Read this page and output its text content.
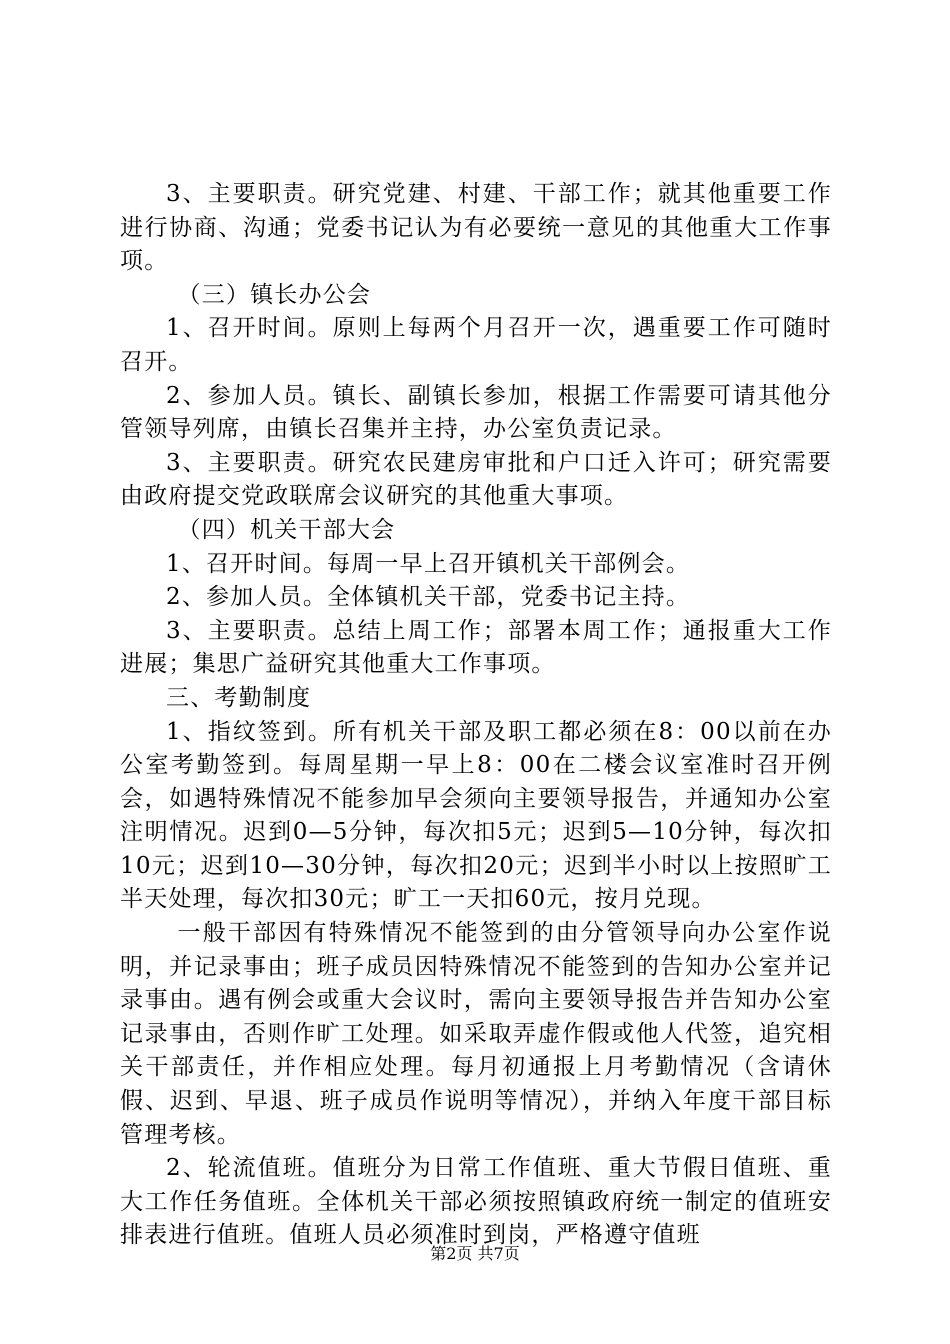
3、主要职责。研究党建、村建、干部工作；就其他重要工作进行协商、沟通；党委书记认为有必要统一意见的其他重大工作事项。

（三）镇长办公会

1、召开时间。原则上每两个月召开一次，遇重要工作可随时召开。

2、参加人员。镇长、副镇长参加，根据工作需要可请其他分管领导列席，由镇长召集并主持，办公室负责记录。

3、主要职责。研究农民建房审批和户口迁入许可；研究需要由政府提交党政联席会议研究的其他重大事项。

（四）机关干部大会

1、召开时间。每周一早上召开镇机关干部例会。

2、参加人员。全体镇机关干部，党委书记主持。

3、主要职责。总结上周工作；部署本周工作；通报重大工作进展；集思广益研究其他重大工作事项。

三、考勤制度

1、指纹签到。所有机关干部及职工都必须在8：00以前在办公室考勤签到。每周星期一早上8：00在二楼会议室准时召开例会，如遇特殊情况不能参加早会须向主要领导报告，并通知办公室注明情况。迟到0—5分钟，每次扣5元；迟到5—10分钟，每次扣10元；迟到10—30分钟，每次扣20元；迟到半小时以上按照旷工半天处理，每次扣30元；旷工一天扣60元，按月兑现。

一般干部因有特殊情况不能签到的由分管领导向办公室作说明，并记录事由；班子成员因特殊情况不能签到的告知办公室并记录事由。遇有例会或重大会议时，需向主要领导报告并告知办公室记录事由，否则作旷工处理。如采取弄虚作假或他人代签，追究相关干部责任，并作相应处理。每月初通报上月考勤情况（含请休假、迟到、早退、班子成员作说明等情况），并纳入年度干部目标管理考核。

2、轮流值班。值班分为日常工作值班、重大节假日值班、重大工作任务值班。全体机关干部必须按照镇政府统一制定的值班安排表进行值班。值班人员必须准时到岗，严格遵守值班

第2页 共7页
